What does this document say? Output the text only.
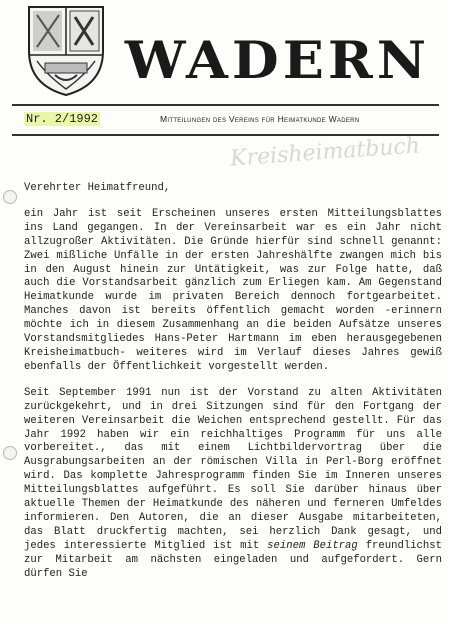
WADERN
Nr. 2/1992	Mitteilungen des Vereins für Heimatkunde Wadern
Kreisheimatbuch
Verehrter Heimatfreund,

ein Jahr ist seit Erscheinen unseres ersten Mitteilungsblattes ins Land gegangen. In der Vereinsarbeit war es ein Jahr nicht allzugroßer Aktivitäten. Die Gründe hierfür sind schnell genannt: Zwei mißliche Unfälle in der ersten Jahreshälfte zwangen mich bis in den August hinein zur Untätigkeit, was zur Folge hatte, daß auch die Vorstandsarbeit gänzlich zum Erliegen kam. Am Gegenstand Heimatkunde wurde im privaten Bereich dennoch fortgearbeitet. Manches davon ist bereits öffentlich gemacht worden -erinnern möchte ich in diesem Zusammenhang an die beiden Aufsätze unseres Vorstandsmitgliedes Hans-Peter Hartmann im eben herausgegebenen Kreisheimatbuch- weiteres wird im Verlauf dieses Jahres gewiß ebenfalls der Öffentlichkeit vorgestellt werden.

Seit September 1991 nun ist der Vorstand zu alten Aktivitäten zurückgekehrt, und in drei Sitzungen sind für den Fortgang der weiteren Vereinsarbeit die Weichen entsprechend gestellt. Für das Jahr 1992 haben wir ein reichhaltiges Programm für uns alle vorbereitet., das mit einem Lichtbildervortrag über die Ausgrabungsarbeiten an der römischen Villa in Perl-Borg eröffnet wird. Das komplette Jahresprogramm finden Sie im Inneren unseres Mitteilungsblattes aufgeführt. Es soll Sie darüber hinaus über aktuelle Themen der Heimatkunde des näheren und ferneren Umfeldes informieren. Den Autoren, die an dieser Ausgabe mitarbeiteten, das Blatt druckfertig machten, sei herzlich Dank gesagt, und jedes interessierte Mitglied ist mit seinem Beitrag freundlichst zur Mitarbeit am nächsten eingeladen und aufgefordert. Gern dürfen Sie
